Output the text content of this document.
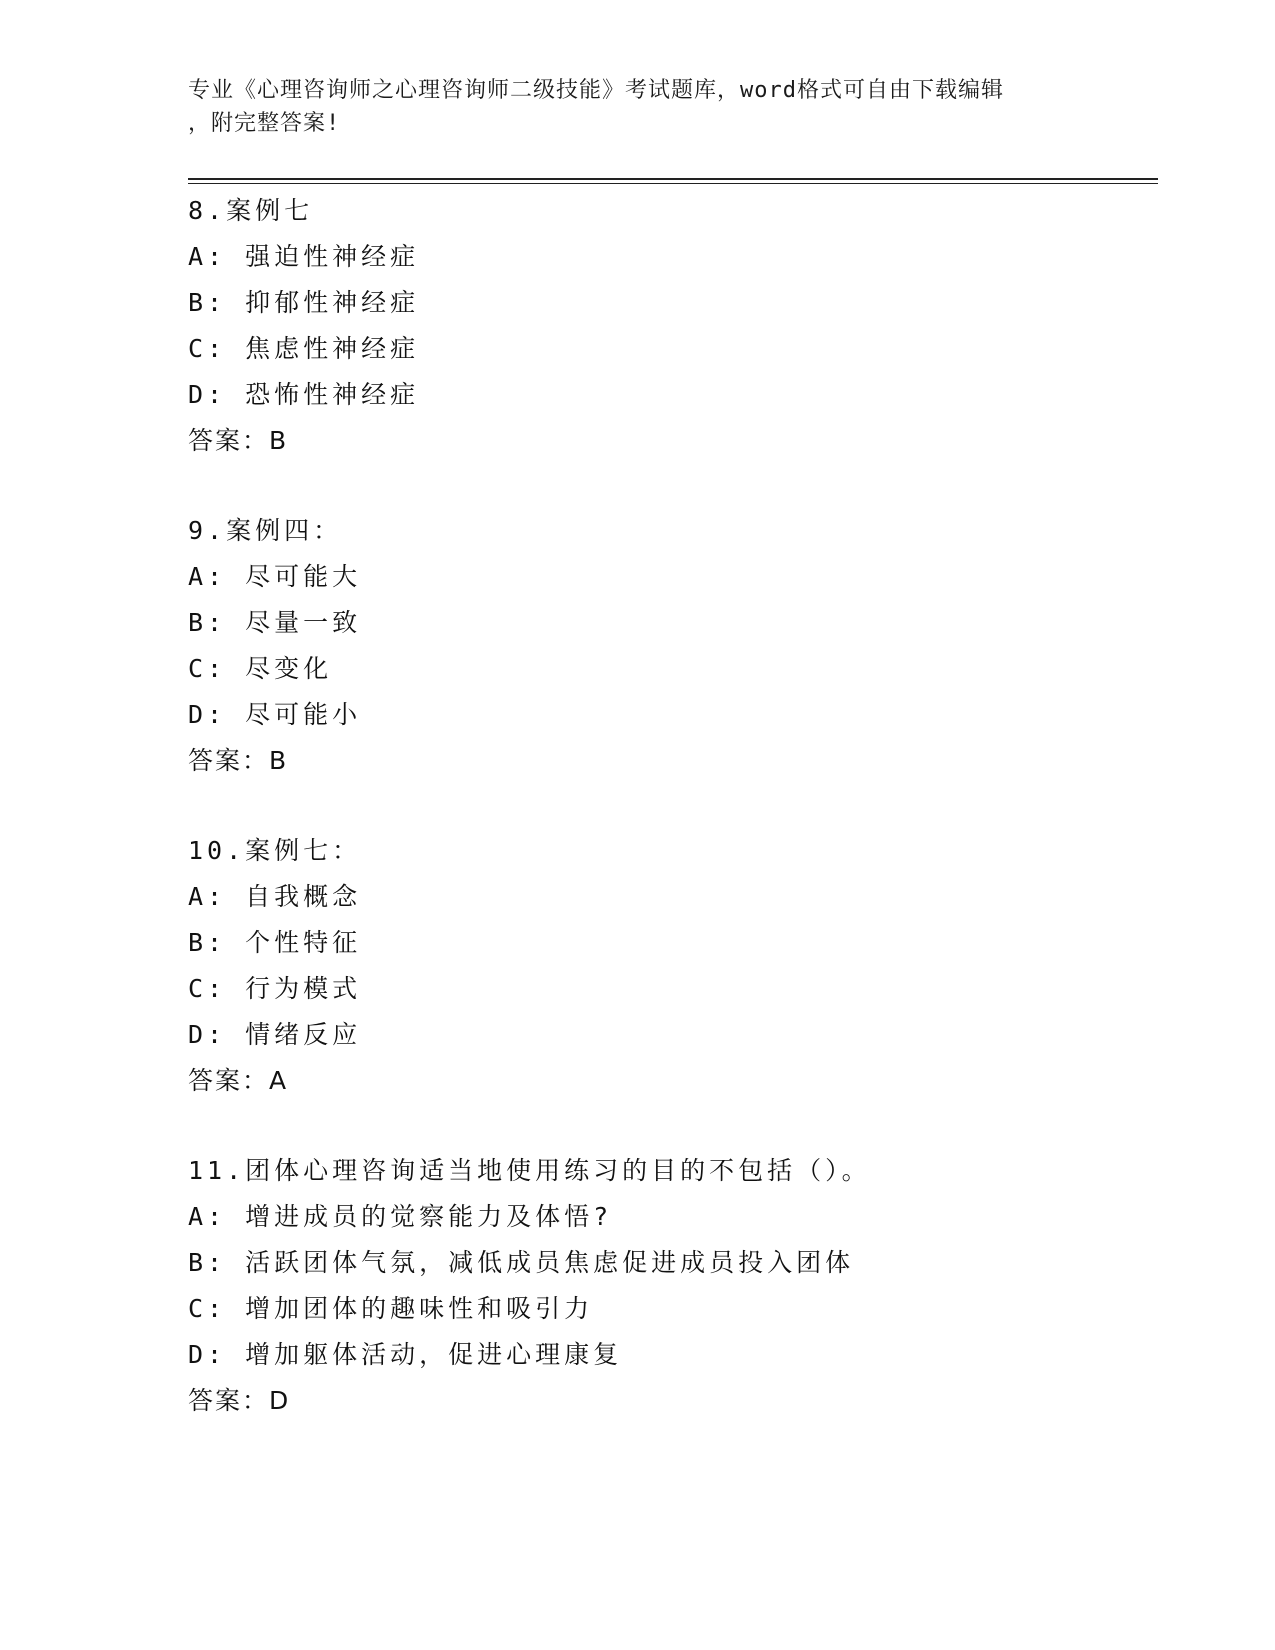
专业《心理咨询师之心理咨询师二级技能》考试题库，word格式可自由下载编辑
，附完整答案!
8.案例七
A: 强迫性神经症
B: 抑郁性神经症
C: 焦虑性神经症
D: 恐怖性神经症
答案：B
9.案例四：
A: 尽可能大
B: 尽量一致
C: 尽变化
D: 尽可能小
答案：B
10.案例七：
A: 自我概念
B: 个性特征
C: 行为模式
D: 情绪反应
答案：A
11.团体心理咨询适当地使用练习的目的不包括（）。
A: 增进成员的觉察能力及体悟?
B: 活跃团体气氛，减低成员焦虑促进成员投入团体
C: 增加团体的趣味性和吸引力
D: 增加躯体活动，促进心理康复
答案：D
